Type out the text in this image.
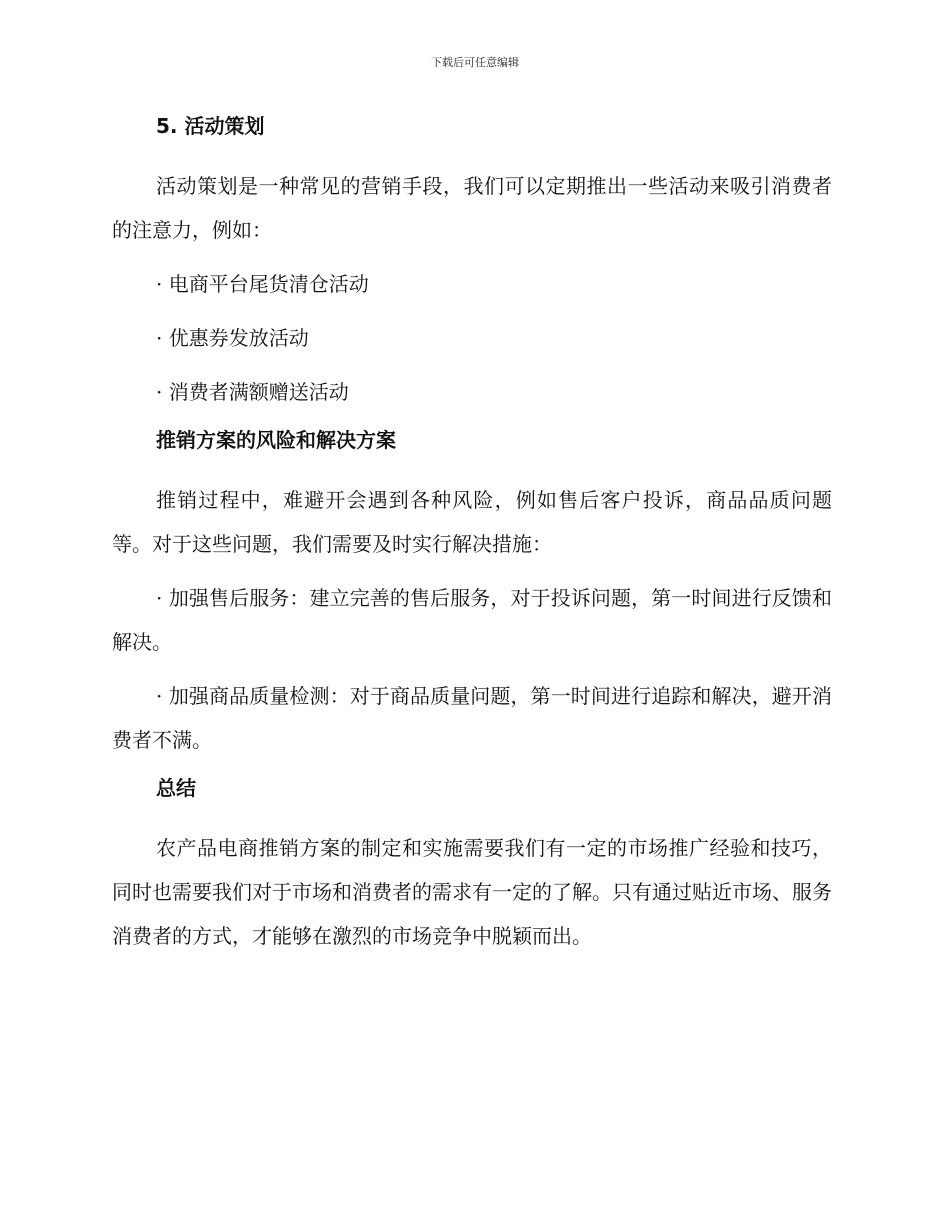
下载后可任意编辑
5. 活动策划

活动策划是一种常见的营销手段，我们可以定期推出一些活动来吸引消费者的注意力，例如：

· 电商平台尾货清仓活动

· 优惠券发放活动

· 消费者满额赠送活动

推销方案的风险和解决方案

推销过程中，难避开会遇到各种风险，例如售后客户投诉，商品品质问题等。对于这些问题，我们需要及时实行解决措施：

· 加强售后服务：建立完善的售后服务，对于投诉问题，第一时间进行反馈和解决。

· 加强商品质量检测：对于商品质量问题，第一时间进行追踪和解决，避开消费者不满。

总结

农产品电商推销方案的制定和实施需要我们有一定的市场推广经验和技巧，同时也需要我们对于市场和消费者的需求有一定的了解。只有通过贴近市场、服务消费者的方式，才能够在激烈的市场竞争中脱颖而出。
